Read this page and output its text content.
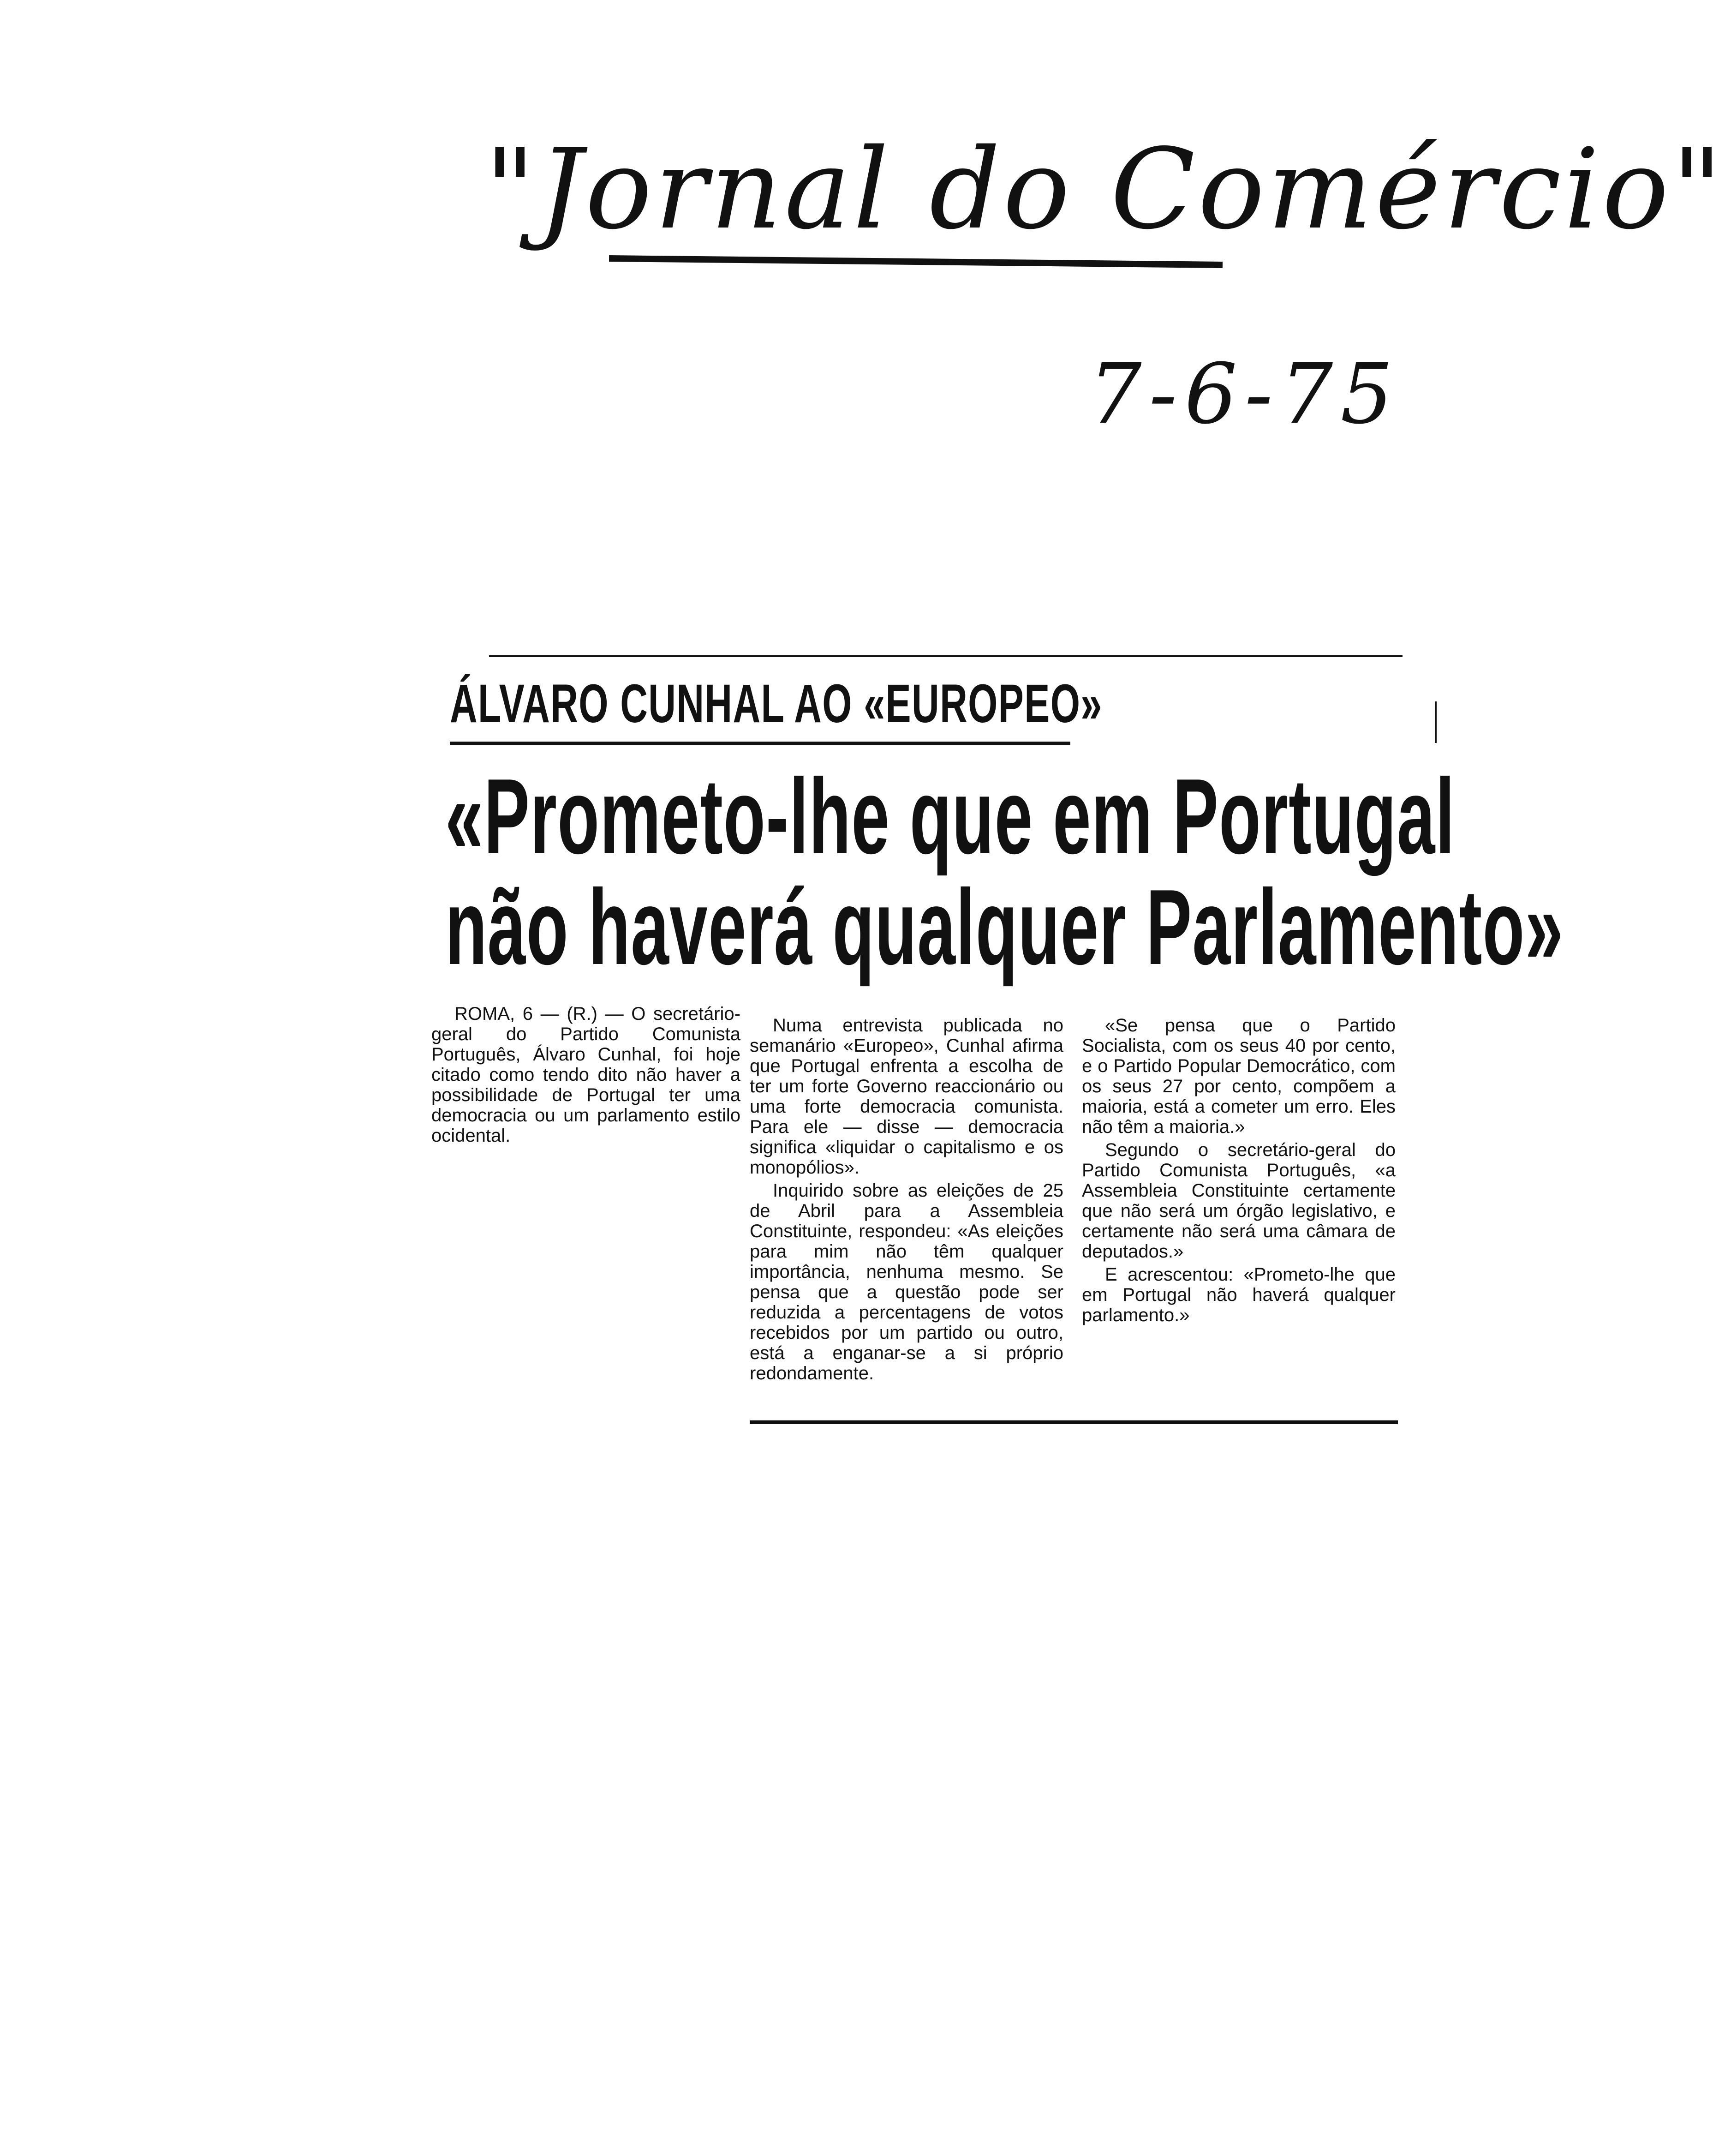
"Jornal do Comércio"
7-6-75
ÁLVARO CUNHAL AO «EUROPEO»
«Prometo-lhe que em Portugal
não haverá qualquer Parlamento»

ROMA, 6 — (R.) — O secretário-geral do Partido Comunista Português, Álvaro Cunhal, foi hoje citado como tendo dito não haver a possibilidade de Portugal ter uma democracia ou um parlamento estilo ocidental.

Numa entrevista publicada no semanário «Europeo», Cunhal afirma que Portugal enfrenta a escolha de ter um forte Governo reaccionário ou uma forte democracia comunista. Para ele — disse — democracia significa «liquidar o capitalismo e os monopólios».

Inquirido sobre as eleições de 25 de Abril para a Assembleia Constituinte, respondeu: «As eleições para mim não têm qualquer importância, nenhuma mesmo. Se pensa que a questão pode ser reduzida a percentagens de votos recebidos por um partido ou outro, está a enganar-se a si próprio redondamente.

«Se pensa que o Partido Socialista, com os seus 40 por cento, e o Partido Popular Democrático, com os seus 27 por cento, compõem a maioria, está a cometer um erro. Eles não têm a maioria.»

Segundo o secretário-geral do Partido Comunista Português, «a Assembleia Constituinte certamente que não será um órgão legislativo, e certamente não será uma câmara de deputados.»

E acrescentou: «Prometo-lhe que em Portugal não haverá qualquer parlamento.»
